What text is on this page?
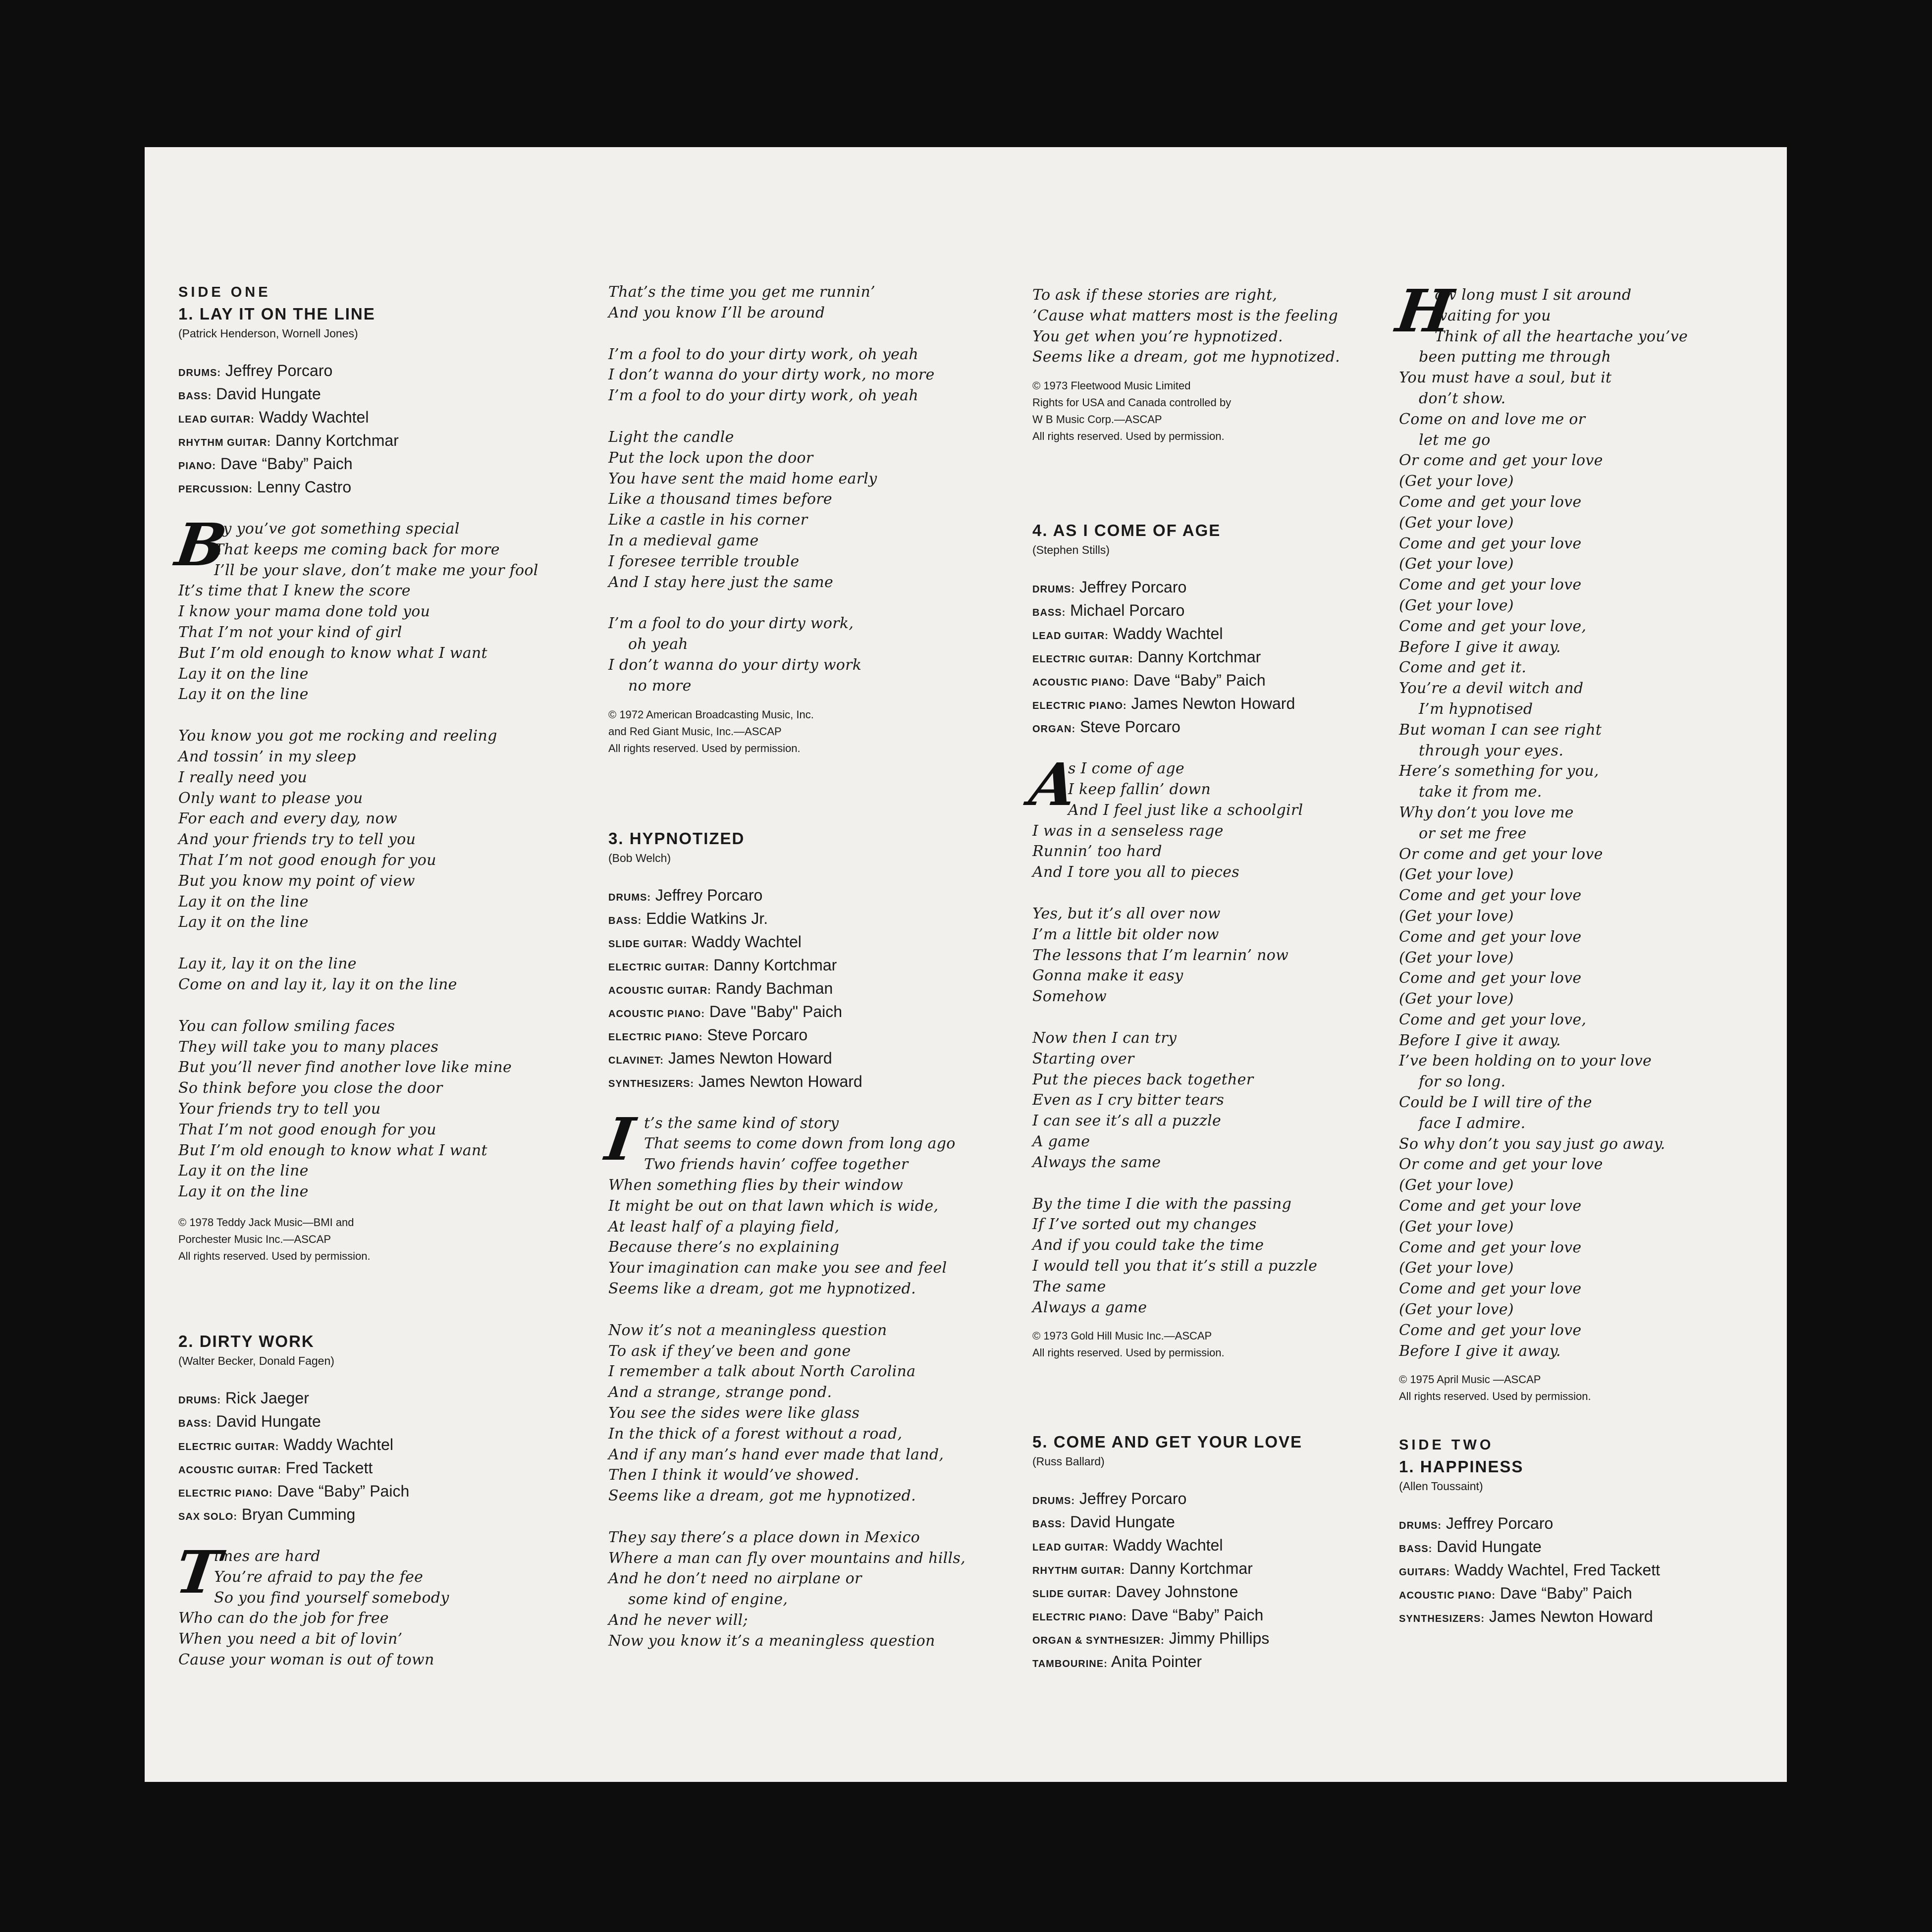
SIDE ONE
1. LAY IT ON THE LINE
(Patrick Henderson, Wornell Jones)
DRUMS: Jeffrey Porcaro
BASS: David Hungate
LEAD GUITAR: Waddy Wachtel
RHYTHM GUITAR: Danny Kortchmar
PIANO: Dave “Baby” Paich
PERCUSSION: Lenny Castro
B
oy you’ve got something special
That keeps me coming back for more
I’ll be your slave, don’t make me your fool
It’s time that I knew the score
I know your mama done told you
That I’m not your kind of girl
But I’m old enough to know what I want
Lay it on the line
Lay it on the line
You know you got me rocking and reeling
And tossin’ in my sleep
I really need you
Only want to please you
For each and every day, now
And your friends try to tell you
That I’m not good enough for you
But you know my point of view
Lay it on the line
Lay it on the line
Lay it, lay it on the line
Come on and lay it, lay it on the line
You can follow smiling faces
They will take you to many places
But you’ll never find another love like mine
So think before you close the door
Your friends try to tell you
That I’m not good enough for you
But I’m old enough to know what I want
Lay it on the line
Lay it on the line
© 1978 Teddy Jack Music—BMI and
Porchester Music Inc.—ASCAP
All rights reserved. Used by permission.
2. DIRTY WORK
(Walter Becker, Donald Fagen)
DRUMS: Rick Jaeger
BASS: David Hungate
ELECTRIC GUITAR: Waddy Wachtel
ACOUSTIC GUITAR: Fred Tackett
ELECTRIC PIANO: Dave “Baby” Paich
SAX SOLO: Bryan Cumming
T
imes are hard
You’re afraid to pay the fee
So you find yourself somebody
Who can do the job for free
When you need a bit of lovin’
Cause your woman is out of town
That’s the time you get me runnin’
And you know I’ll be around
I’m a fool to do your dirty work, oh yeah
I don’t wanna do your dirty work, no more
I’m a fool to do your dirty work, oh yeah
Light the candle
Put the lock upon the door
You have sent the maid home early
Like a thousand times before
Like a castle in his corner
In a medieval game
I foresee terrible trouble
And I stay here just the same
I’m a fool to do your dirty work,
oh yeah
I don’t wanna do your dirty work
no more
© 1972 American Broadcasting Music, Inc.
and Red Giant Music, Inc.—ASCAP
All rights reserved. Used by permission.
3. HYPNOTIZED
(Bob Welch)
DRUMS: Jeffrey Porcaro
BASS: Eddie Watkins Jr.
SLIDE GUITAR: Waddy Wachtel
ELECTRIC GUITAR: Danny Kortchmar
ACOUSTIC GUITAR: Randy Bachman
ACOUSTIC PIANO: Dave "Baby" Paich
ELECTRIC PIANO: Steve Porcaro
CLAVINET: James Newton Howard
SYNTHESIZERS: James Newton Howard
I t’s the same kind of story
That seems to come down from long ago
Two friends havin’ coffee together
When something flies by their window
It might be out on that lawn which is wide,
At least half of a playing field,
Because there’s no explaining
Your imagination can make you see and feel
Seems like a dream, got me hypnotized.
Now it’s not a meaningless question
To ask if they’ve been and gone
I remember a talk about North Carolina
And a strange, strange pond.
You see the sides were like glass
In the thick of a forest without a road,
And if any man’s hand ever made that land,
Then I think it would’ve showed.
Seems like a dream, got me hypnotized.
They say there’s a place down in Mexico
Where a man can fly over mountains and hills,
And he don’t need no airplane or
some kind of engine,
And he never will;
Now you know it’s a meaningless question
To ask if these stories are right,
’Cause what matters most is the feeling
You get when you’re hypnotized.
Seems like a dream, got me hypnotized.
© 1973 Fleetwood Music Limited
Rights for USA and Canada controlled by
W B Music Corp.—ASCAP
All rights reserved. Used by permission.
4. AS I COME OF AGE
(Stephen Stills)
DRUMS: Jeffrey Porcaro
BASS: Michael Porcaro
LEAD GUITAR: Waddy Wachtel
ELECTRIC GUITAR: Danny Kortchmar
ACOUSTIC PIANO: Dave “Baby” Paich
ELECTRIC PIANO: James Newton Howard
ORGAN: Steve Porcaro
A
s I come of age
I keep fallin’ down
And I feel just like a schoolgirl
I was in a senseless rage
Runnin’ too hard
And I tore you all to pieces
Yes, but it’s all over now
I’m a little bit older now
The lessons that I’m learnin’ now
Gonna make it easy
Somehow
Now then I can try
Starting over
Put the pieces back together
Even as I cry bitter tears
I can see it’s all a puzzle
A game
Always the same
By the time I die with the passing
If I’ve sorted out my changes
And if you could take the time
I would tell you that it’s still a puzzle
The same
Always a game
© 1973 Gold Hill Music Inc.—ASCAP
All rights reserved. Used by permission.
5. COME AND GET YOUR LOVE
(Russ Ballard)
DRUMS: Jeffrey Porcaro
BASS: David Hungate
LEAD GUITAR: Waddy Wachtel
RHYTHM GUITAR: Danny Kortchmar
SLIDE GUITAR: Davey Johnstone
ELECTRIC PIANO: Dave “Baby” Paich
ORGAN & SYNTHESIZER: Jimmy Phillips
TAMBOURINE: Anita Pointer
H
ow long must I sit around
waiting for you
Think of all the heartache you’ve
been putting me through
You must have a soul, but it
don’t show.
Come on and love me or
let me go
Or come and get your love
(Get your love)
Come and get your love
(Get your love)
Come and get your love
(Get your love)
Come and get your love
(Get your love)
Come and get your love,
Before I give it away.
Come and get it.
You’re a devil witch and
I’m hypnotised
But woman I can see right
through your eyes.
Here’s something for you,
take it from me.
Why don’t you love me
or set me free
Or come and get your love
(Get your love)
Come and get your love
(Get your love)
Come and get your love
(Get your love)
Come and get your love
(Get your love)
Come and get your love,
Before I give it away.
I’ve been holding on to your love
for so long.
Could be I will tire of the
face I admire.
So why don’t you say just go away.
Or come and get your love
(Get your love)
Come and get your love
(Get your love)
Come and get your love
(Get your love)
Come and get your love
(Get your love)
Come and get your love
Before I give it away.
© 1975 April Music —ASCAP
All rights reserved. Used by permission.
SIDE TWO
1. HAPPINESS
(Allen Toussaint)
DRUMS: Jeffrey Porcaro
BASS: David Hungate
GUITARS: Waddy Wachtel, Fred Tackett
ACOUSTIC PIANO: Dave “Baby” Paich
SYNTHESIZERS: James Newton Howard
